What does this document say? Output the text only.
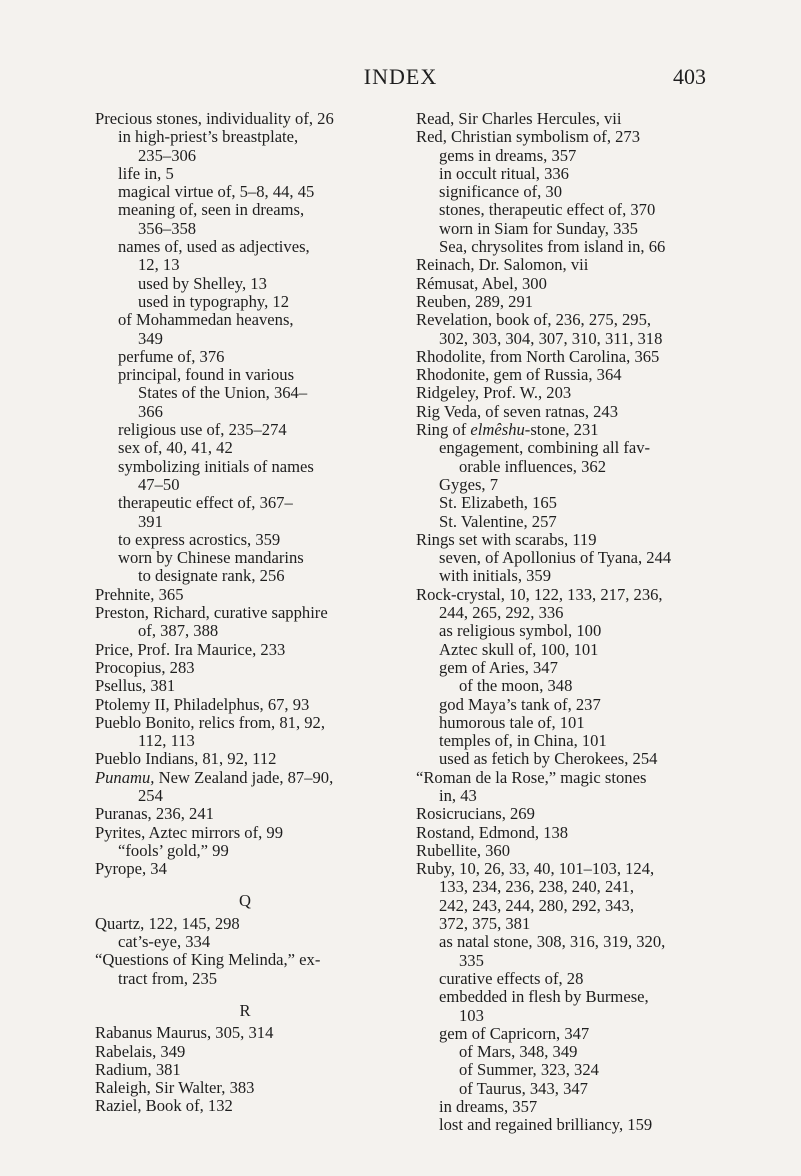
INDEX	403
Precious stones, individuality of, 26
in high-priest’s breastplate,
235–306
life in, 5
magical virtue of, 5–8, 44, 45
meaning of, seen in dreams,
356–358
names of, used as adjectives,
12, 13
used by Shelley, 13
used in typography, 12
of Mohammedan heavens,
349
perfume of, 376
principal, found in various
States of the Union, 364–
366
religious use of, 235–274
sex of, 40, 41, 42
symbolizing initials of names
47–50
therapeutic effect of, 367–
391
to express acrostics, 359
worn by Chinese mandarins
to designate rank, 256
Prehnite, 365
Preston, Richard, curative sapphire
of, 387, 388
Price, Prof. Ira Maurice, 233
Procopius, 283
Psellus, 381
Ptolemy II, Philadelphus, 67, 93
Pueblo Bonito, relics from, 81, 92,
112, 113
Pueblo Indians, 81, 92, 112
Punamu, New Zealand jade, 87–90,
254
Puranas, 236, 241
Pyrites, Aztec mirrors of, 99
“fools’ gold,” 99
Pyrope, 34
Q
Quartz, 122, 145, 298
cat’s-eye, 334
“Questions of King Melinda,” ex-
tract from, 235
R
Rabanus Maurus, 305, 314
Rabelais, 349
Radium, 381
Raleigh, Sir Walter, 383
Raziel, Book of, 132
Read, Sir Charles Hercules, vii
Red, Christian symbolism of, 273
gems in dreams, 357
in occult ritual, 336
significance of, 30
stones, therapeutic effect of, 370
worn in Siam for Sunday, 335
Sea, chrysolites from island in, 66
Reinach, Dr. Salomon, vii
Rémusat, Abel, 300
Reuben, 289, 291
Revelation, book of, 236, 275, 295,
302, 303, 304, 307, 310, 311, 318
Rhodolite, from North Carolina, 365
Rhodonite, gem of Russia, 364
Ridgeley, Prof. W., 203
Rig Veda, of seven ratnas, 243
Ring of elmêshu-stone, 231
engagement, combining all fav-
orable influences, 362
Gyges, 7
St. Elizabeth, 165
St. Valentine, 257
Rings set with scarabs, 119
seven, of Apollonius of Tyana, 244
with initials, 359
Rock-crystal, 10, 122, 133, 217, 236,
244, 265, 292, 336
as religious symbol, 100
Aztec skull of, 100, 101
gem of Aries, 347
of the moon, 348
god Maya’s tank of, 237
humorous tale of, 101
temples of, in China, 101
used as fetich by Cherokees, 254
“Roman de la Rose,” magic stones
in, 43
Rosicrucians, 269
Rostand, Edmond, 138
Rubellite, 360
Ruby, 10, 26, 33, 40, 101–103, 124,
133, 234, 236, 238, 240, 241,
242, 243, 244, 280, 292, 343,
372, 375, 381
as natal stone, 308, 316, 319, 320,
335
curative effects of, 28
embedded in flesh by Burmese,
103
gem of Capricorn, 347
of Mars, 348, 349
of Summer, 323, 324
of Taurus, 343, 347
in dreams, 357
lost and regained brilliancy, 159
